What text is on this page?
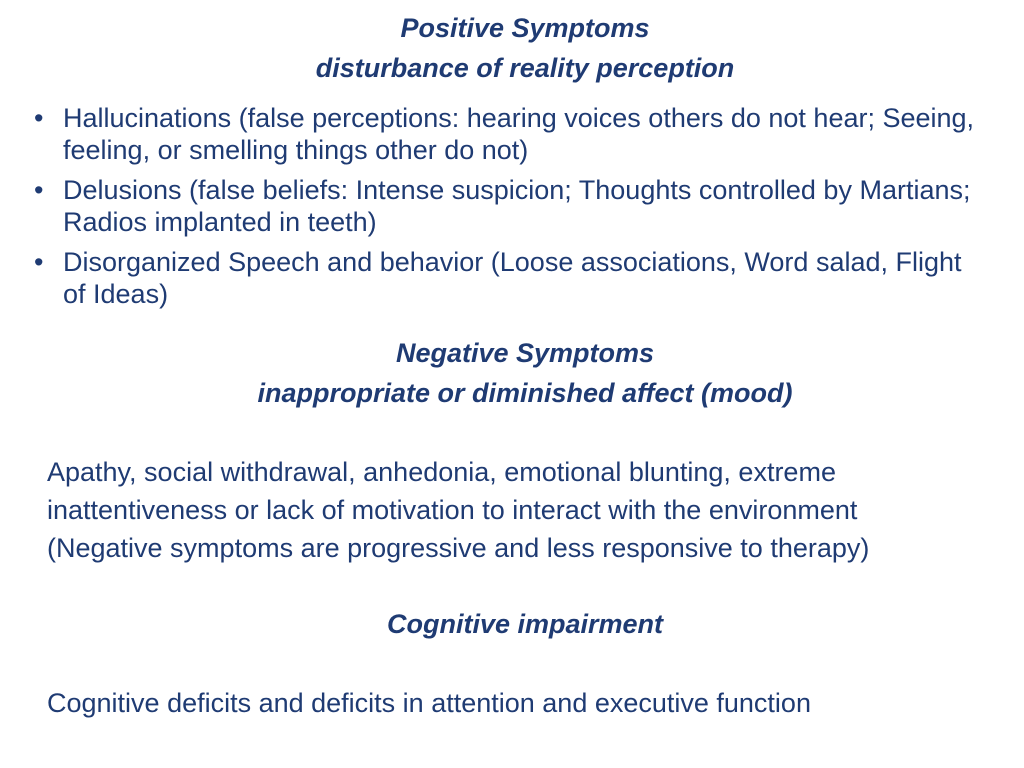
Positive Symptoms
disturbance of reality perception
• Hallucinations (false perceptions: hearing voices others do not hear; Seeing, feeling, or smelling things other do not)
• Delusions (false beliefs: Intense suspicion; Thoughts controlled by Martians; Radios implanted in teeth)
• Disorganized Speech and behavior (Loose associations, Word salad, Flight of Ideas)
Negative Symptoms
inappropriate or diminished affect (mood)

Apathy, social withdrawal, anhedonia, emotional blunting, extreme inattentiveness or lack of motivation to interact with the environment

(Negative symptoms are progressive and less responsive to therapy)

Cognitive impairment

Cognitive deficits and deficits in attention and executive function
